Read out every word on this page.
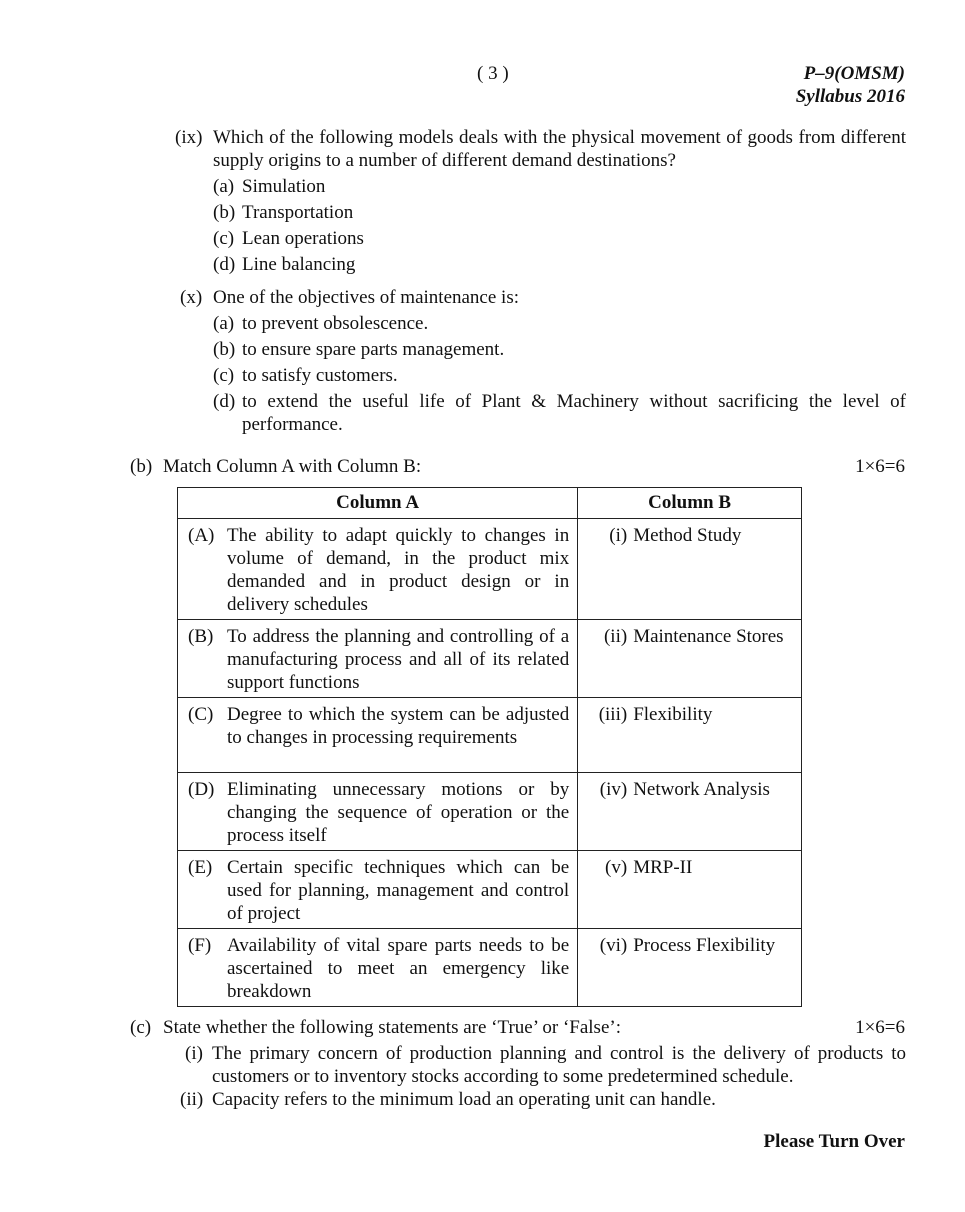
( 3 )	P–9(OMSM)
Syllabus 2016
(ix) Which of the following models deals with the physical movement of goods from different supply origins to a number of different demand destinations?
(a) Simulation
(b) Transportation
(c) Lean operations
(d) Line balancing
(x) One of the objectives of maintenance is:
(a) to prevent obsolescence.
(b) to ensure spare parts management.
(c) to satisfy customers.
(d) to extend the useful life of Plant & Machinery without sacrificing the level of performance.
(b) Match Column A with Column B:	1×6=6
Column A	Column B

(A) The ability to adapt quickly to changes in volume of demand, in the product mix demanded and in product design or in delivery schedules	(i) Method Study

(B) To address the planning and controlling of a manufacturing process and all of its related support functions	(ii) Maintenance Stores

(C) Degree to which the system can be adjusted to changes in processing requirements	(iii) Flexibility

(D) Eliminating unnecessary motions or by changing the sequence of operation or the process itself	(iv) Network Analysis

(E) Certain specific techniques which can be used for planning, management and control of project	(v) MRP-II

(F) Availability of vital spare parts needs to be ascertained to meet an emergency like breakdown	(vi) Process Flexibility
(c) State whether the following statements are ‘True’ or ‘False’:	1×6=6
(i) The primary concern of production planning and control is the delivery of products to customers or to inventory stocks according to some predetermined schedule.
(ii) Capacity refers to the minimum load an operating unit can handle.
Please Turn Over
